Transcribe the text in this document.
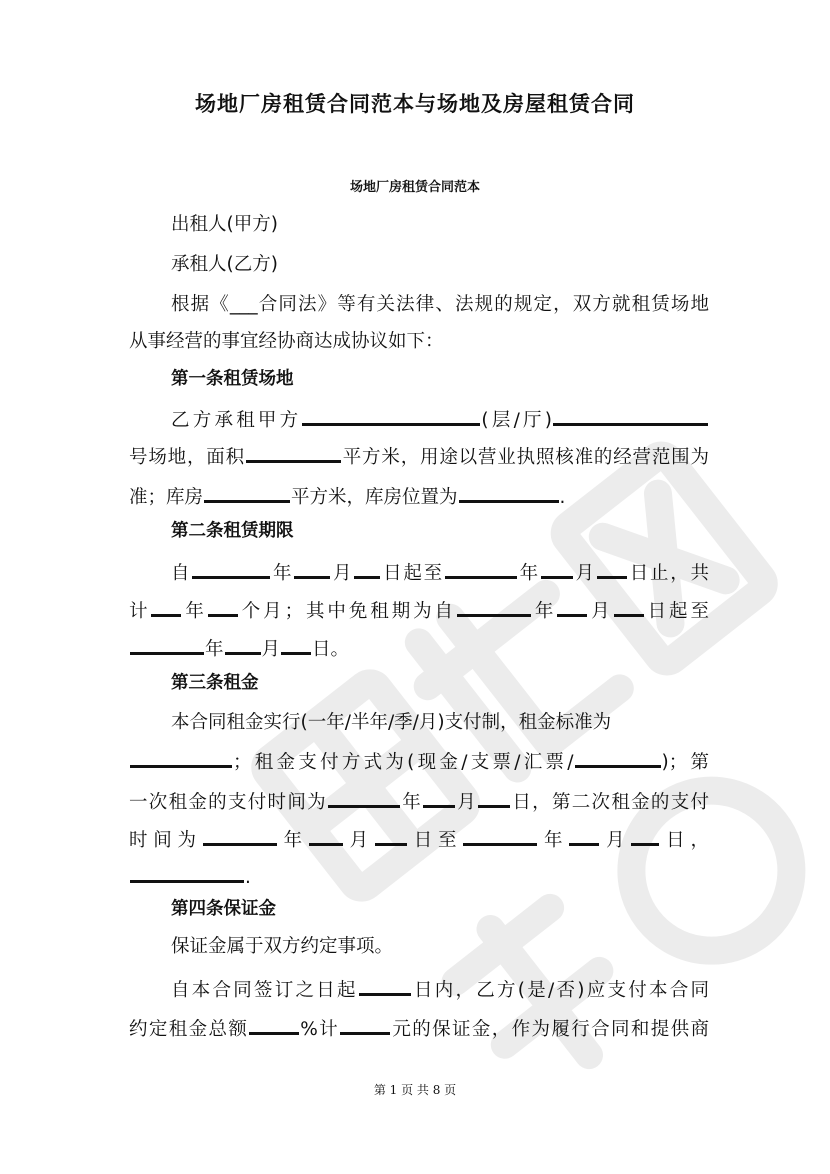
场地厂房租赁合同范本与场地及房屋租赁合同
场地厂房租赁合同范本
出租人(甲方)
承租人(乙方)
根据《___合同法》等有关法律、法规的规定，双方就租赁场地
从事经营的事宜经协商达成协议如下：
第一条租赁场地
乙方承租甲方	(层/厅)
号场地，面积	平方米，用途以营业执照核准的经营范围为
准；库房	平方米，库房位置为	.
第二条租赁期限
自	年 月 日起至	年 月 日止，共
计 年 个月；其中免租期为自	年 月 日起至
年 月 日。
第三条租金
本合同租金实行(一年/半年/季/月)支付制，租金标准为
；租金支付方式为(现金/支票/汇票/	)；第
一次租金的支付时间为	年 月 日，第二次租金的支付
时间为	年 月 日至	年 月 日，
.
第四条保证金
保证金属于双方约定事项。
自本合同签订之日起	日内，乙方(是/否)应支付本合同
约定租金总额	%计	元的保证金，作为履行合同和提供商
第 1 页 共 8 页
